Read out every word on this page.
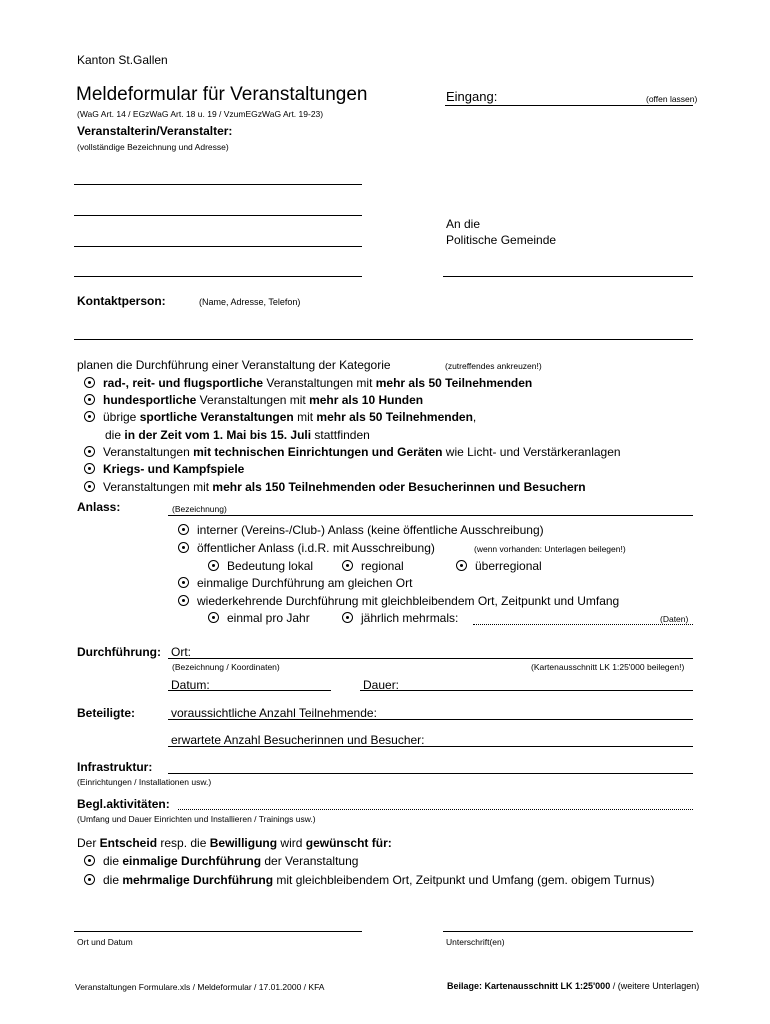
Kanton St.Gallen
Meldeformular für Veranstaltungen
(WaG Art. 14 / EGzWaG Art. 18 u. 19 / VzumEGzWaG Art. 19-23)
Eingang:	(offen lassen)
Veranstalterin/Veranstalter:
(vollständige Bezeichnung und Adresse)
An die
Politische Gemeinde
Kontaktperson:	(Name, Adresse, Telefon)
planen die Durchführung einer Veranstaltung der Kategorie	(zutreffendes ankreuzen!)
rad-, reit- und flugsportliche Veranstaltungen mit mehr als 50 Teilnehmenden
hundesportliche Veranstaltungen mit mehr als 10 Hunden
übrige sportliche Veranstaltungen mit mehr als 50 Teilnehmenden,
die in der Zeit vom 1. Mai bis 15. Juli stattfinden
Veranstaltungen mit technischen Einrichtungen und Geräten wie Licht- und Verstärkeranlagen
Kriegs- und Kampfspiele
Veranstaltungen mit mehr als 150 Teilnehmenden oder Besucherinnen und Besuchern
Anlass:	(Bezeichnung)
interner (Vereins-/Club-) Anlass (keine öffentliche Ausschreibung)
öffentlicher Anlass (i.d.R. mit Ausschreibung)	(wenn vorhanden: Unterlagen beilegen!)
Bedeutung lokal	regional	überregional
einmalige Durchführung am gleichen Ort
wiederkehrende Durchführung mit gleichbleibendem Ort, Zeitpunkt und Umfang
einmal pro Jahr	jährlich mehrmals:	(Daten)
Durchführung: Ort:
(Bezeichnung / Koordinaten)	(Kartenausschnitt LK 1:25'000 beilegen!)
Datum:	Dauer:
Beteiligte:	voraussichtliche Anzahl Teilnehmende:
erwartete Anzahl Besucherinnen und Besucher:
Infrastruktur:
(Einrichtungen / Installationen usw.)
Begl.aktivitäten:
(Umfang und Dauer Einrichten und Installieren / Trainings usw.)
Der Entscheid resp. die Bewilligung wird gewünscht für:
die einmalige Durchführung der Veranstaltung
die mehrmalige Durchführung mit gleichbleibendem Ort, Zeitpunkt und Umfang (gem. obigem Turnus)
Ort und Datum	Unterschrift(en)
Veranstaltungen Formulare.xls / Meldeformular / 17.01.2000 / KFA	Beilage: Kartenausschnitt LK 1:25'000 / (weitere Unterlagen)
